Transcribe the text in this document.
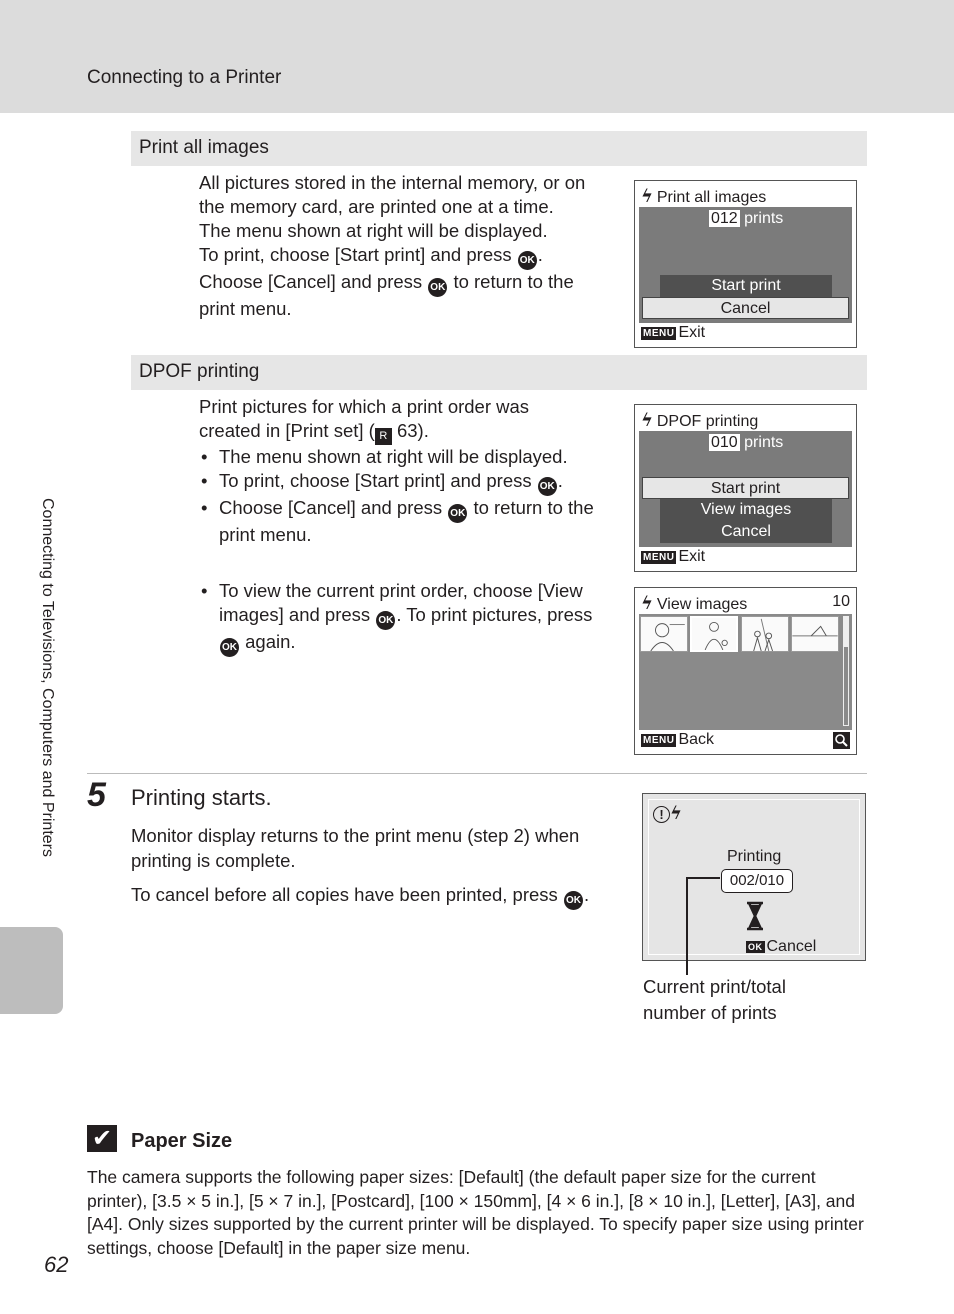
Connecting to a Printer
Connecting to Televisions, Computers and Printers
Print all images

All pictures stored in the internal memory, or on

the memory card, are printed one at a time.

The menu shown at right will be displayed.

To print, choose [Start print] and press OK .

Choose [Cancel] and press OK to return to the

print menu.

ϟ Print all images
012 prints
Start print
Cancel
MENU Exit
DPOF printing

Print pictures for which a print order was

created in [Print set] ( R 63).

• The menu shown at right will be displayed.
• To print, choose [Start print] and press OK .
• Choose [Cancel] and press OK to return to the
print menu.
ϟ DPOF printing
010 prints
Start print
View images
Cancel
MENU Exit
• To view the current print order, choose [View
images] and press OK . To print pictures, press
OK again.
ϟ View images	10
MENU Back
5 Printing starts.

Monitor display returns to the print menu (step 2) when

printing is complete.

To cancel before all copies have been printed, press OK .

! ϟ
Printing
002/010
OK Cancel

Current print/total

number of prints

✔ Paper Size
The camera supports the following paper sizes: [Default] (the default paper size for the current printer), [3.5 × 5 in.], [5 × 7 in.], [Postcard], [100 × 150mm], [4 × 6 in.], [8 × 10 in.], [Letter], [A3], and [A4]. Only sizes supported by the current printer will be displayed. To specify paper size using printer settings, choose [Default] in the paper size menu.
62
